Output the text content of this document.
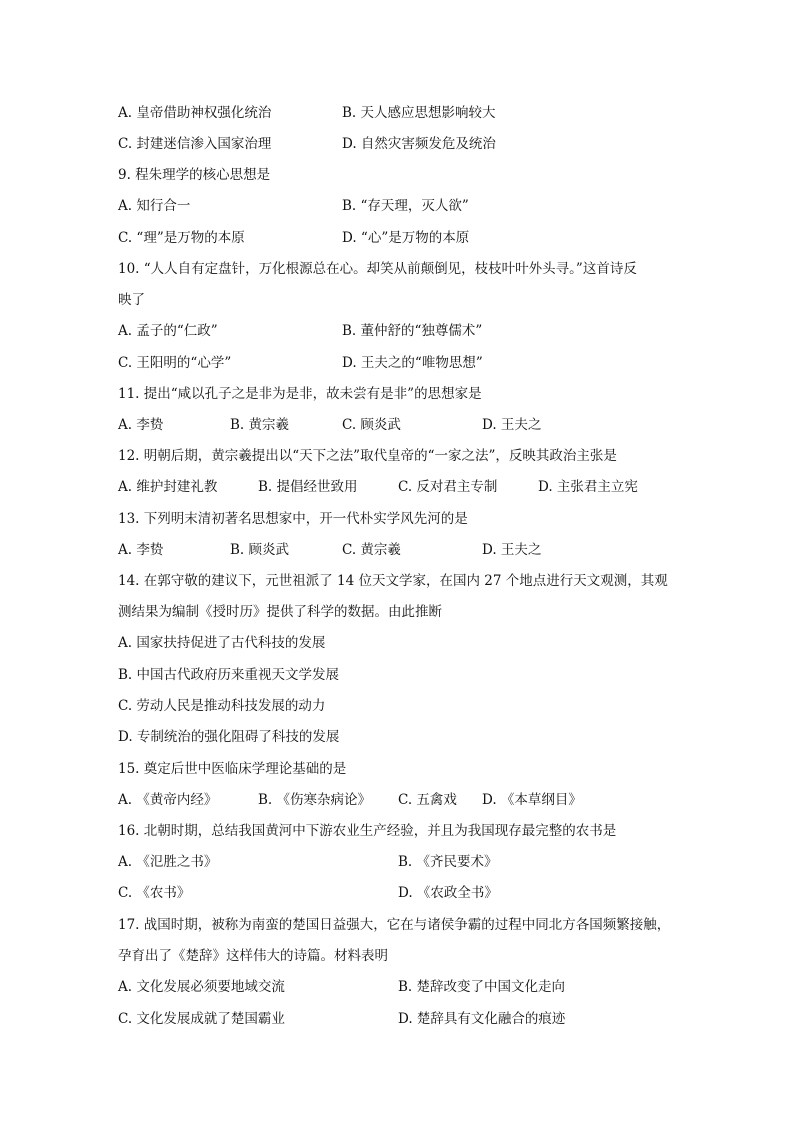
A. 皇帝借助神权强化统治	B. 天人感应思想影响较大
C. 封建迷信渗入国家治理	D. 自然灾害频发危及统治
9. 程朱理学的核心思想是
A. 知行合一	B. “存天理，灭人欲”
C. “理”是万物的本原	D. “心”是万物的本原
10. “人人自有定盘针，万化根源总在心。却笑从前颠倒见，枝枝叶叶外头寻。”这首诗反
映了
A. 孟子的“仁政”	B. 董仲舒的“独尊儒术”
C. 王阳明的“心学”	D. 王夫之的“唯物思想”
11. 提出“咸以孔子之是非为是非，故未尝有是非”的思想家是
A. 李贽	B. 黄宗羲	C. 顾炎武	D. 王夫之
12. 明朝后期，黄宗羲提出以“天下之法”取代皇帝的“一家之法”，反映其政治主张是
A. 维护封建礼教	B. 提倡经世致用	C. 反对君主专制	D. 主张君主立宪
13. 下列明末清初著名思想家中，开一代朴实学风先河的是
A. 李贽	B. 顾炎武	C. 黄宗羲	D. 王夫之
14. 在郭守敬的建议下，元世祖派了 14 位天文学家，在国内 27 个地点进行天文观测，其观
测结果为编制《授时历》提供了科学的数据。由此推断
A. 国家扶持促进了古代科技的发展
B. 中国古代政府历来重视天文学发展
C. 劳动人民是推动科技发展的动力
D. 专制统治的强化阻碍了科技的发展
15. 奠定后世中医临床学理论基础的是
A. 《黄帝内经》	B. 《伤寒杂病论》 C. 五禽戏 D. 《本草纲目》
16. 北朝时期，总结我国黄河中下游农业生产经验，并且为我国现存最完整的农书是
A. 《氾胜之书》	B. 《齐民要术》
C. 《农书》	D. 《农政全书》
17. 战国时期，被称为南蛮的楚国日益强大，它在与诸侯争霸的过程中同北方各国频繁接触，
孕育出了《楚辞》这样伟大的诗篇。材料表明
A. 文化发展必须要地域交流	B. 楚辞改变了中国文化走向
C. 文化发展成就了楚国霸业	D. 楚辞具有文化融合的痕迹
